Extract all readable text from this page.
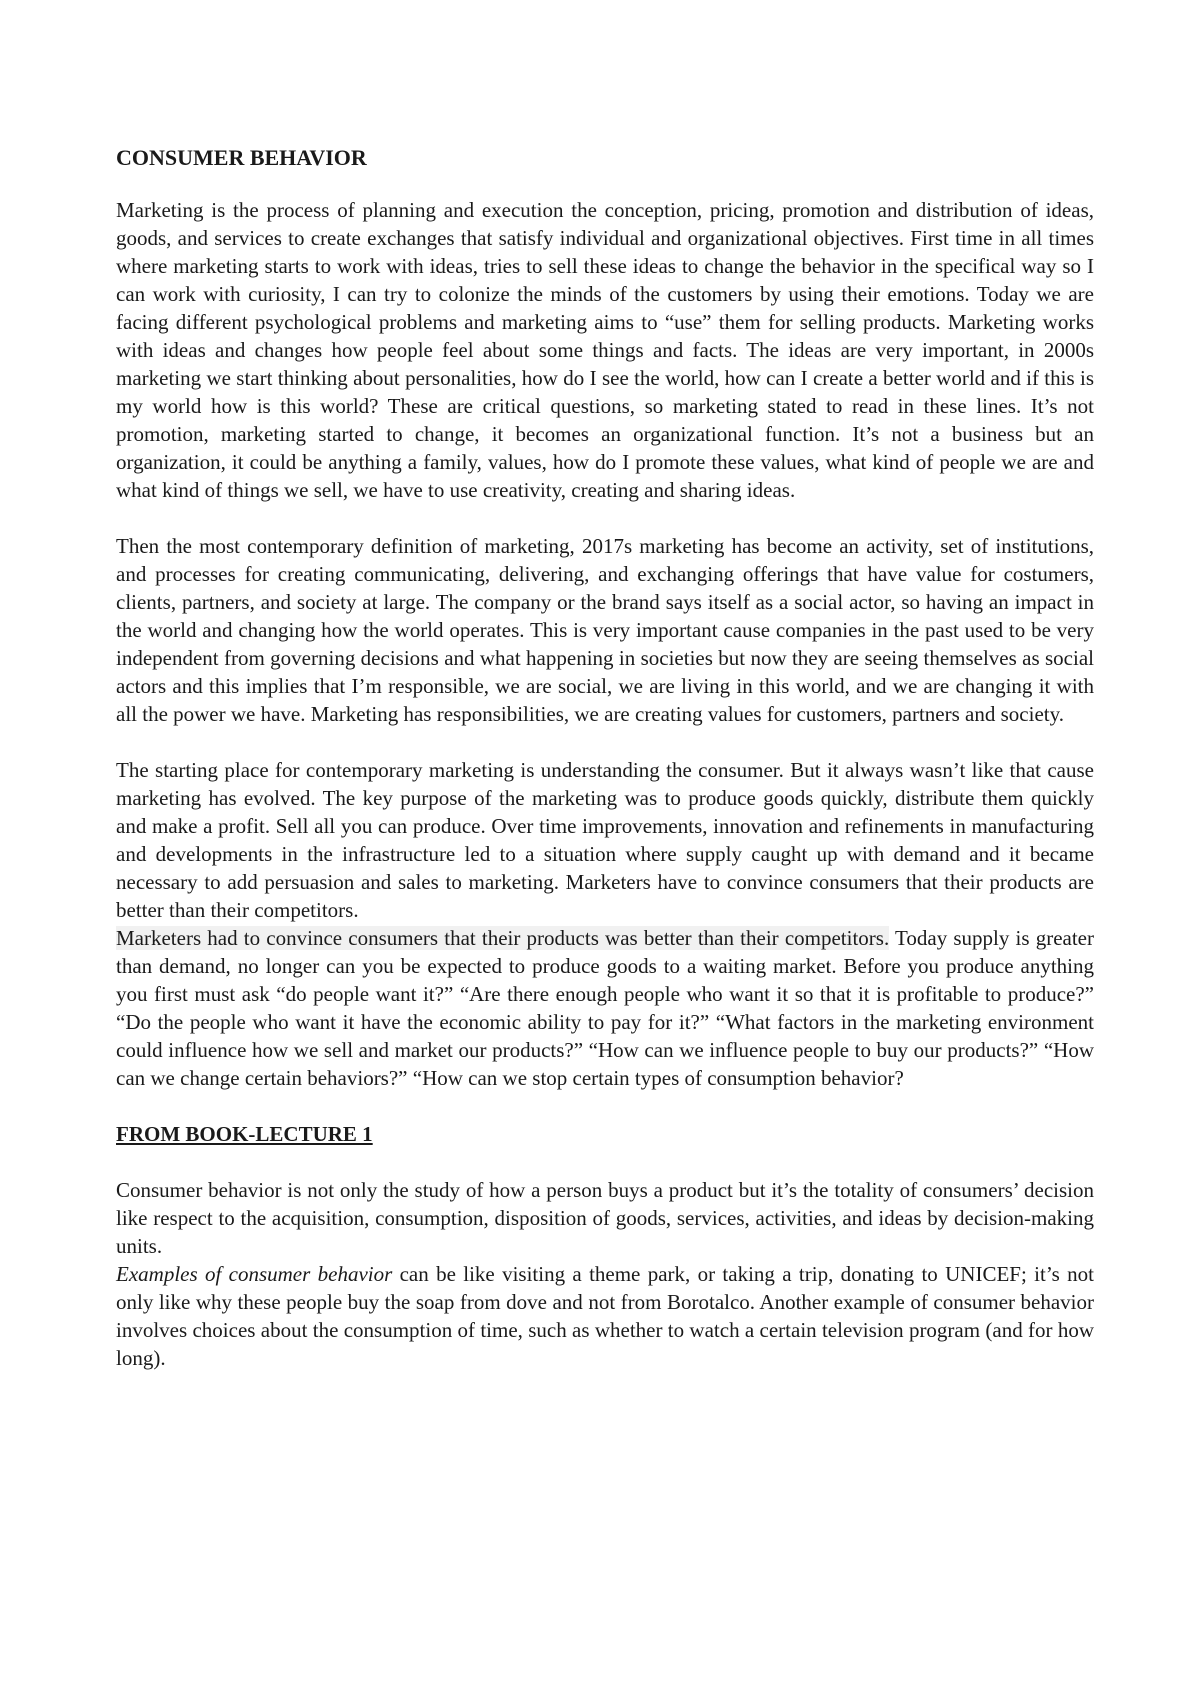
CONSUMER BEHAVIOR

Marketing is the process of planning and execution the conception, pricing, promotion and distribution of ideas, goods, and services to create exchanges that satisfy individual and organizational objectives. First time in all times where marketing starts to work with ideas, tries to sell these ideas to change the behavior in the specifical way so I can work with curiosity, I can try to colonize the minds of the customers by using their emotions. Today we are facing different psychological problems and marketing aims to “use” them for selling products. Marketing works with ideas and changes how people feel about some things and facts. The ideas are very important, in 2000s marketing we start thinking about personalities, how do I see the world, how can I create a better world and if this is my world how is this world? These are critical questions, so marketing stated to read in these lines. It’s not promotion, marketing started to change, it becomes an organizational function. It’s not a business but an organization, it could be anything a family, values, how do I promote these values, what kind of people we are and what kind of things we sell, we have to use creativity, creating and sharing ideas.

Then the most contemporary definition of marketing, 2017s marketing has become an activity, set of institutions, and processes for creating communicating, delivering, and exchanging offerings that have value for costumers, clients, partners, and society at large. The company or the brand says itself as a social actor, so having an impact in the world and changing how the world operates. This is very important cause companies in the past used to be very independent from governing decisions and what happening in societies but now they are seeing themselves as social actors and this implies that I’m responsible, we are social, we are living in this world, and we are changing it with all the power we have. Marketing has responsibilities, we are creating values for customers, partners and society.

The starting place for contemporary marketing is understanding the consumer. But it always wasn’t like that cause marketing has evolved. The key purpose of the marketing was to produce goods quickly, distribute them quickly and make a profit. Sell all you can produce. Over time improvements, innovation and refinements in manufacturing and developments in the infrastructure led to a situation where supply caught up with demand and it became necessary to add persuasion and sales to marketing. Marketers have to convince consumers that their products are better than their competitors.

Marketers had to convince consumers that their products was better than their competitors. Today supply is greater than demand, no longer can you be expected to produce goods to a waiting market. Before you produce anything you first must ask “do people want it?” “Are there enough people who want it so that it is profitable to produce?” “Do the people who want it have the economic ability to pay for it?” “What factors in the marketing environment could influence how we sell and market our products?” “How can we influence people to buy our products?” “How can we change certain behaviors?” “How can we stop certain types of consumption behavior?

FROM BOOK-LECTURE 1

Consumer behavior is not only the study of how a person buys a product but it’s the totality of consumers’ decision like respect to the acquisition, consumption, disposition of goods, services, activities, and ideas by decision-making units.

Examples of consumer behavior can be like visiting a theme park, or taking a trip, donating to UNICEF; it’s not only like why these people buy the soap from dove and not from Borotalco. Another example of consumer behavior involves choices about the consumption of time, such as whether to watch a certain television program (and for how long).
